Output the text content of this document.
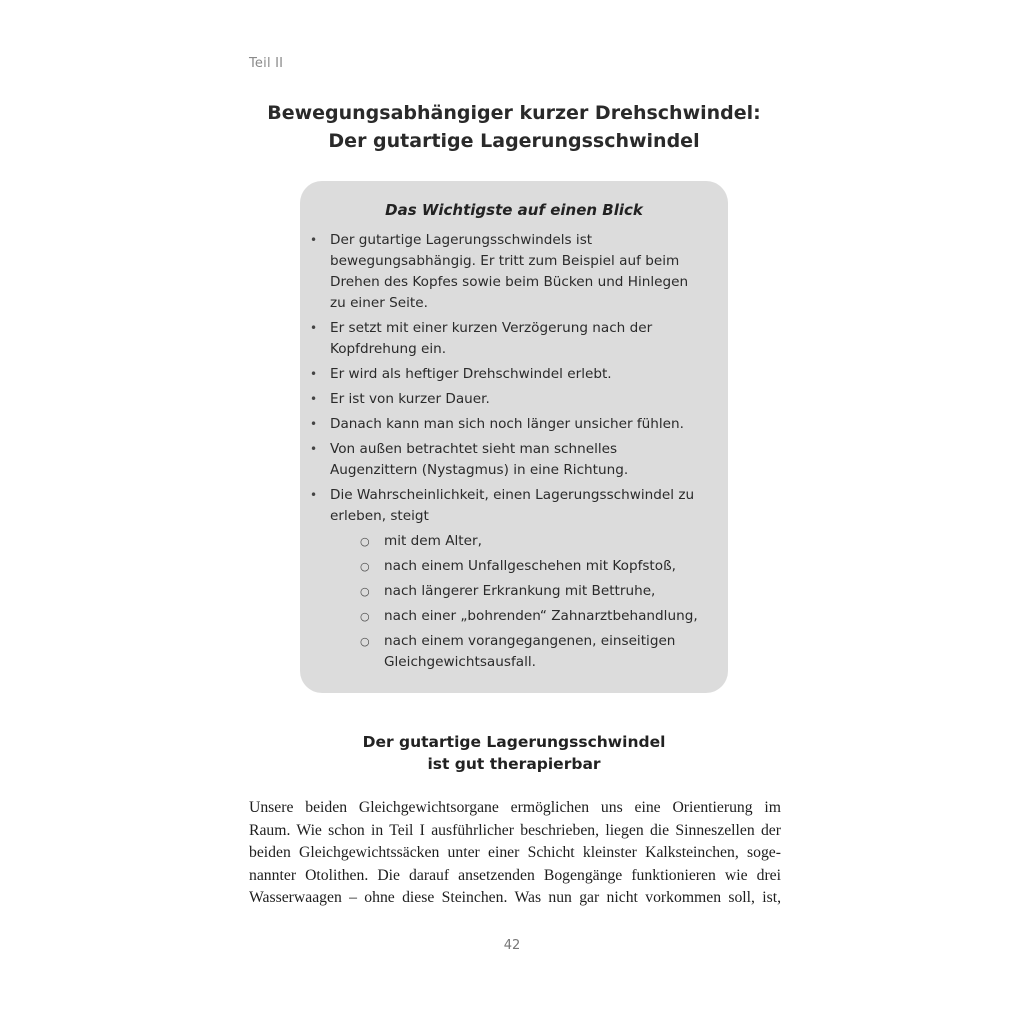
Teil II
Bewegungsabhängiger kurzer Drehschwindel:
Der gutartige Lagerungsschwindel
Das Wichtigste auf einen Blick
• Der gutartige Lagerungsschwindels ist bewegungsabhängig. Er tritt zum Beispiel auf beim Drehen des Kopfes sowie beim Bücken und Hinlegen zu einer Seite.
• Er setzt mit einer kurzen Verzögerung nach der Kopfdrehung ein.
• Er wird als heftiger Drehschwindel erlebt.
• Er ist von kurzer Dauer.
• Danach kann man sich noch länger unsicher fühlen.
• Von außen betrachtet sieht man schnelles Augenzittern (Nystagmus) in eine Richtung.
• Die Wahrscheinlichkeit, einen Lagerungsschwindel zu erleben, steigt
○	mit dem Alter,
○	nach einem Unfallgeschehen mit Kopfstoß,
○	nach längerer Erkrankung mit Bettruhe,
○	nach einer „bohrenden“ Zahnarztbehandlung,
○	nach einem vorangegangenen, einseitigen Gleichgewichtsausfall.
Der gutartige Lagerungsschwindel
ist gut therapierbar
Unsere beiden Gleichgewichtsorgane ermöglichen uns eine Orientierung im
Raum. Wie schon in Teil I ausführlicher beschrieben, liegen die Sinneszellen der
beiden Gleichgewichtssäcken unter einer Schicht kleinster Kalksteinchen, soge-
nannter Otolithen. Die darauf ansetzenden Bogengänge funktionieren wie drei
Wasserwaagen – ohne diese Steinchen. Was nun gar nicht vorkommen soll, ist,
42
